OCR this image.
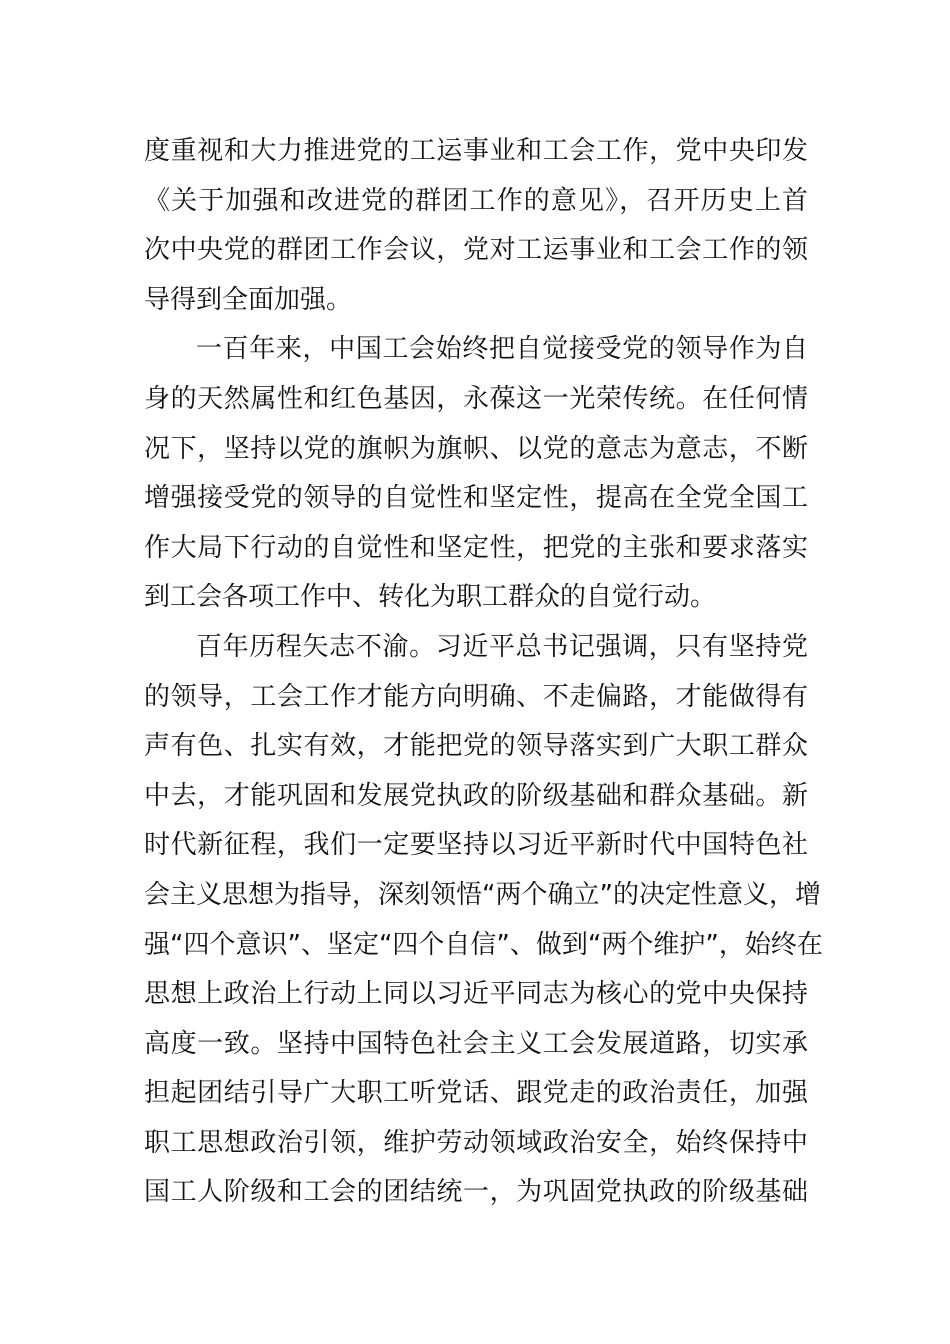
度重视和大力推进党的工运事业和工会工作，党中央印发
《关于加强和改进党的群团工作的意见》，召开历史上首
次中央党的群团工作会议，党对工运事业和工会工作的领
导得到全面加强。
一百年来，中国工会始终把自觉接受党的领导作为自
身的天然属性和红色基因，永葆这一光荣传统。在任何情
况下，坚持以党的旗帜为旗帜、以党的意志为意志，不断
增强接受党的领导的自觉性和坚定性，提高在全党全国工
作大局下行动的自觉性和坚定性，把党的主张和要求落实
到工会各项工作中、转化为职工群众的自觉行动。
百年历程矢志不渝。习近平总书记强调，只有坚持党
的领导，工会工作才能方向明确、不走偏路，才能做得有
声有色、扎实有效，才能把党的领导落实到广大职工群众
中去，才能巩固和发展党执政的阶级基础和群众基础。新
时代新征程，我们一定要坚持以习近平新时代中国特色社
会主义思想为指导，深刻领悟“两个确立”的决定性意义，增
强“四个意识”、坚定“四个自信”、做到“两个维护”，始终在
思想上政治上行动上同以习近平同志为核心的党中央保持
高度一致。坚持中国特色社会主义工会发展道路，切实承
担起团结引导广大职工听党话、跟党走的政治责任，加强
职工思想政治引领，维护劳动领域政治安全，始终保持中
国工人阶级和工会的团结统一，为巩固党执政的阶级基础
